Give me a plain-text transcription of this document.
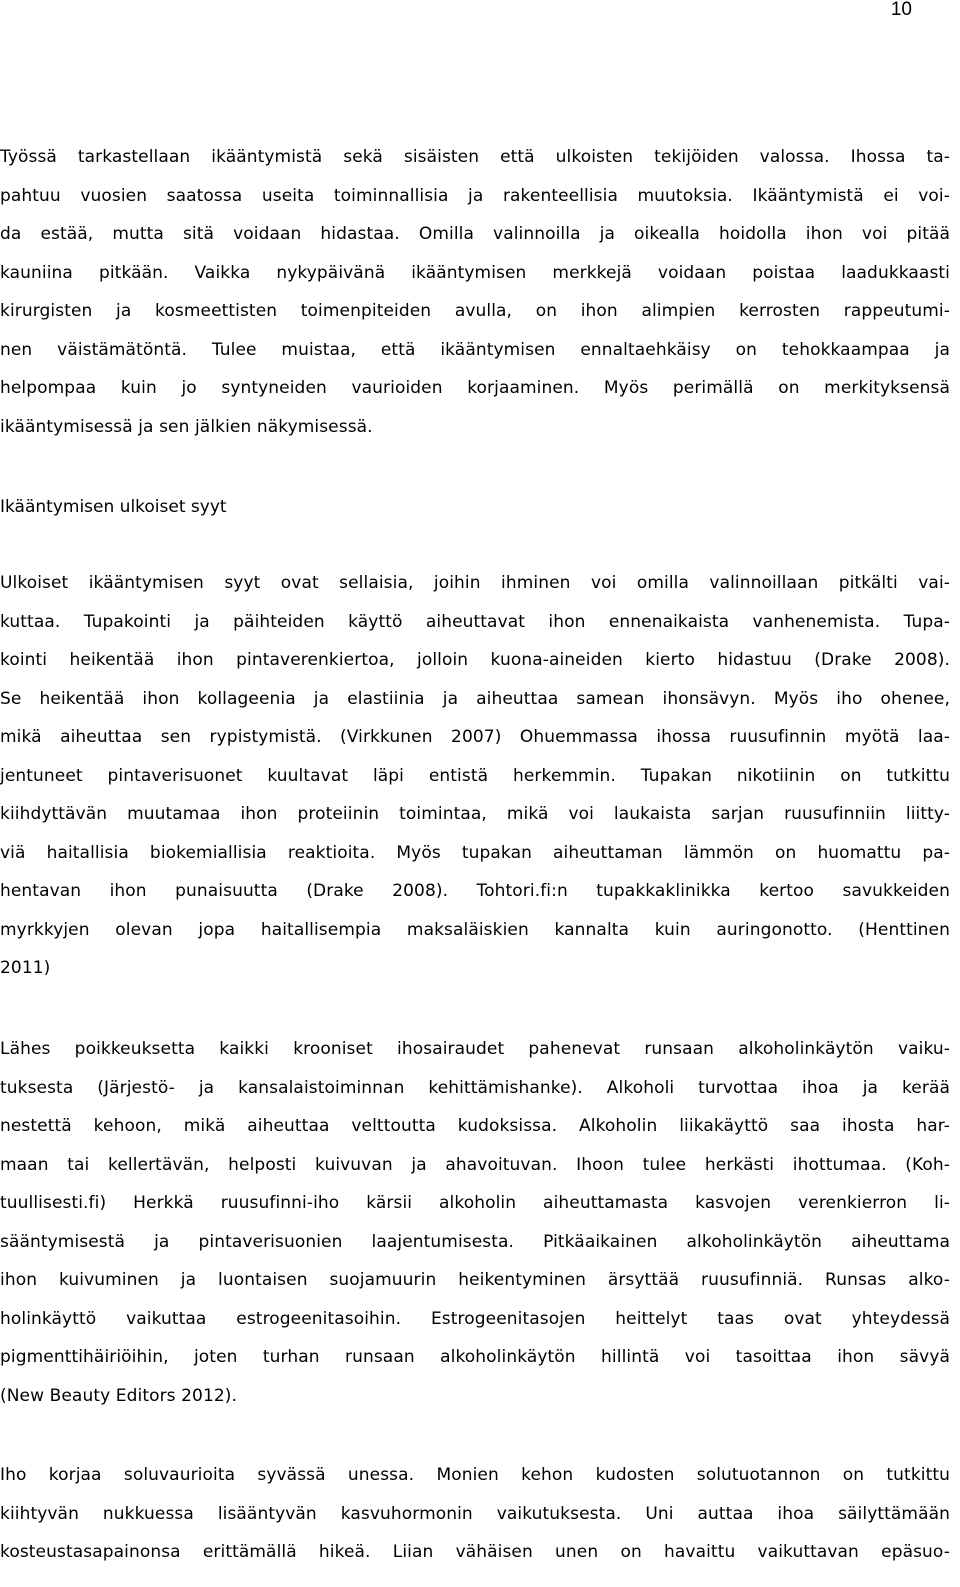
10
Työssä tarkastellaan ikääntymistä sekä sisäisten että ulkoisten tekijöiden valossa. Ihossa ta-
pahtuu vuosien saatossa useita toiminnallisia ja rakenteellisia muutoksia. Ikääntymistä ei voi-
da estää, mutta sitä voidaan hidastaa. Omilla valinnoilla ja oikealla hoidolla ihon voi pitää
kauniina pitkään. Vaikka nykypäivänä ikääntymisen merkkejä voidaan poistaa laadukkaasti
kirurgisten ja kosmeettisten toimenpiteiden avulla, on ihon alimpien kerrosten rappeutumi-
nen väistämätöntä. Tulee muistaa, että ikääntymisen ennaltaehkäisy on tehokkaampaa ja
helpompaa kuin jo syntyneiden vaurioiden korjaaminen. Myös perimällä on merkityksensä
ikääntymisessä ja sen jälkien näkymisessä.
Ikääntymisen ulkoiset syyt
Ulkoiset ikääntymisen syyt ovat sellaisia, joihin ihminen voi omilla valinnoillaan pitkälti vai-
kuttaa. Tupakointi ja päihteiden käyttö aiheuttavat ihon ennenaikaista vanhenemista. Tupa-
kointi heikentää ihon pintaverenkiertoa, jolloin kuona-aineiden kierto hidastuu (Drake 2008).
Se heikentää ihon kollageenia ja elastiinia ja aiheuttaa samean ihonsävyn. Myös iho ohenee,
mikä aiheuttaa sen rypistymistä. (Virkkunen 2007) Ohuemmassa ihossa ruusufinnin myötä laa-
jentuneet pintaverisuonet kuultavat läpi entistä herkemmin. Tupakan nikotiinin on tutkittu
kiihdyttävän muutamaa ihon proteiinin toimintaa, mikä voi laukaista sarjan ruusufinniin liitty-
viä haitallisia biokemiallisia reaktioita. Myös tupakan aiheuttaman lämmön on huomattu pa-
hentavan ihon punaisuutta (Drake 2008). Tohtori.fi:n tupakkaklinikka kertoo savukkeiden
myrkkyjen olevan jopa haitallisempia maksaläiskien kannalta kuin auringonotto. (Henttinen
2011)
Lähes poikkeuksetta kaikki krooniset ihosairaudet pahenevat runsaan alkoholinkäytön vaiku-
tuksesta (Järjestö- ja kansalaistoiminnan kehittämishanke). Alkoholi turvottaa ihoa ja kerää
nestettä kehoon, mikä aiheuttaa velttoutta kudoksissa. Alkoholin liikakäyttö saa ihosta har-
maan tai kellertävän, helposti kuivuvan ja ahavoituvan. Ihoon tulee herkästi ihottumaa. (Koh-
tuullisesti.fi) Herkkä ruusufinni-iho kärsii alkoholin aiheuttamasta kasvojen verenkierron li-
sääntymisestä ja pintaverisuonien laajentumisesta. Pitkäaikainen alkoholinkäytön aiheuttama
ihon kuivuminen ja luontaisen suojamuurin heikentyminen ärsyttää ruusufinniä. Runsas alko-
holinkäyttö vaikuttaa estrogeenitasoihin. Estrogeenitasojen heittelyt taas ovat yhteydessä
pigmenttihäiriöihin, joten turhan runsaan alkoholinkäytön hillintä voi tasoittaa ihon sävyä
(New Beauty Editors 2012).
Iho korjaa soluvaurioita syvässä unessa. Monien kehon kudosten solutuotannon on tutkittu
kiihtyvän nukkuessa lisääntyvän kasvuhormonin vaikutuksesta. Uni auttaa ihoa säilyttämään
kosteustasapainonsa erittämällä hikeä. Liian vähäisen unen on havaittu vaikuttavan epäsuo-
